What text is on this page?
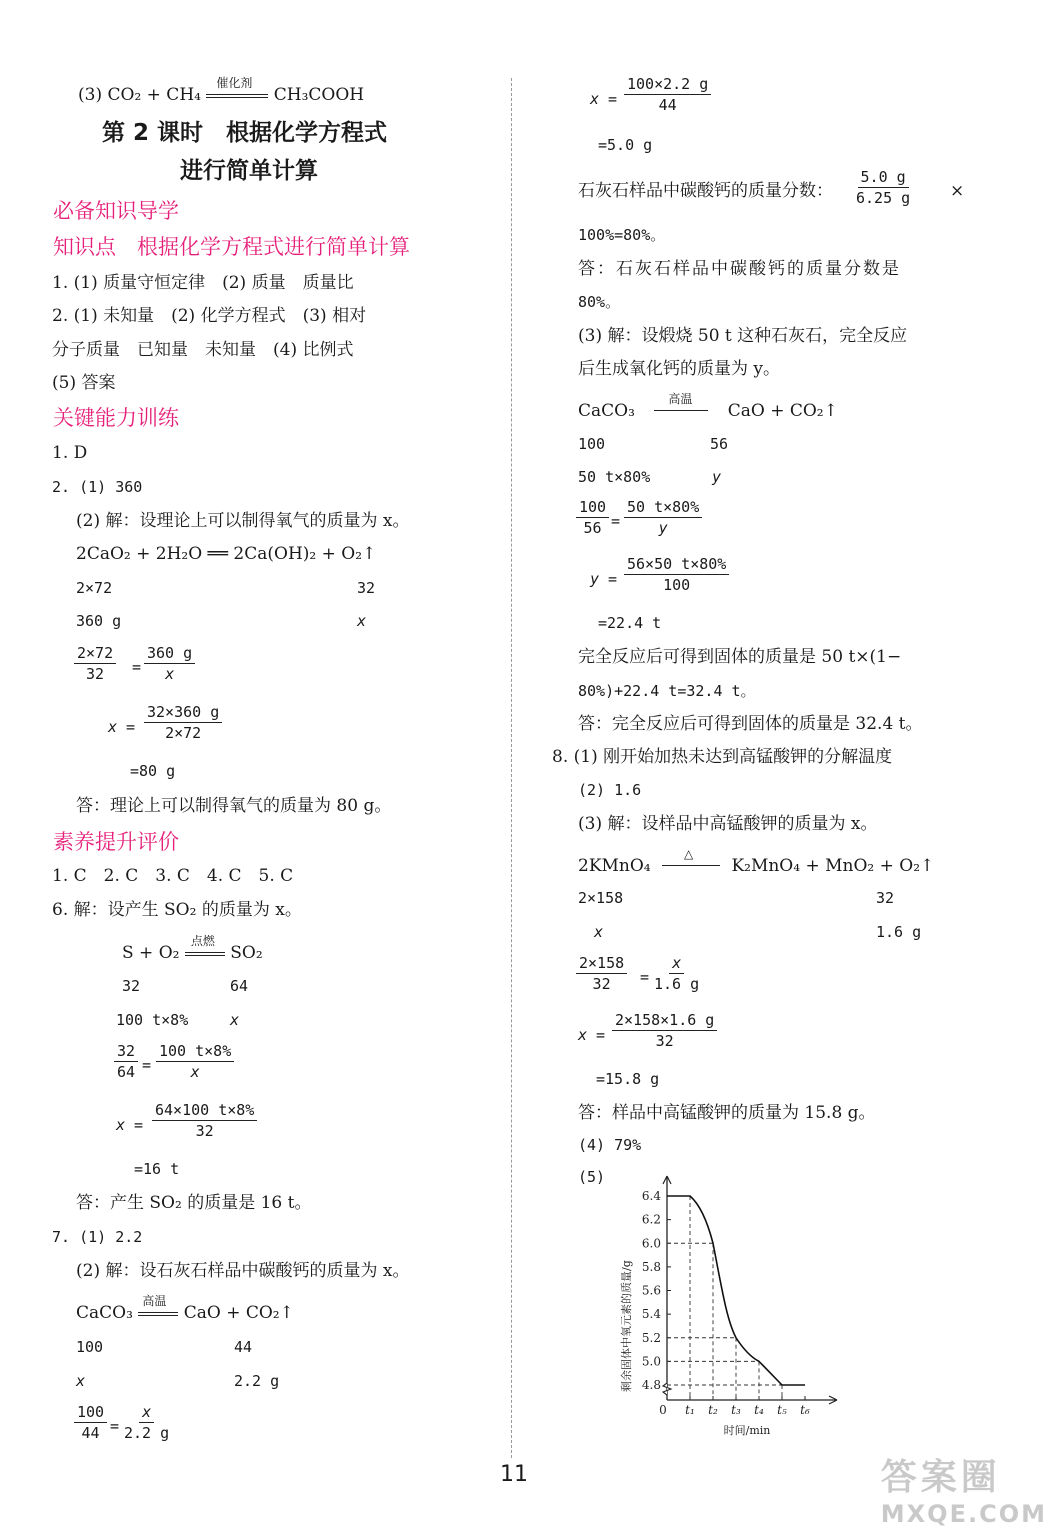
(3) CO₂ + CH₄
催化剂
CH₃COOH
第 2 课时　根据化学方程式
进行简单计算
必备知识导学
知识点　根据化学方程式进行简单计算
1. (1) 质量守恒定律　(2) 质量　质量比
2. (1) 未知量　(2) 化学方程式　(3) 相对
分子质量　已知量　未知量　(4) 比例式
(5) 答案
关键能力训练
1. D
2. (1) 360
(2) 解：设理论上可以制得氧气的质量为 x。
2CaO₂ + 2H₂O ══ 2Ca(OH)₂ + O₂↑
2×72	32
360 g	x
2×72
32 =
360 g
x
x =
32×360 g
2×72
=80 g
答：理论上可以制得氧气的质量为 80 g。
素养提升评价
1. C　2. C　3. C　4. C　5. C
6. 解：设产生 SO₂ 的质量为 x。
S + O₂
点燃
SO₂
32	64
100 t×8%	x
32
64 =
100 t×8%
x
x =
64×100 t×8%
32
=16 t
答：产生 SO₂ 的质量是 16 t。
7. (1) 2.2
(2) 解：设石灰石样品中碳酸钙的质量为 x。
CaCO₃
高温
CaO + CO₂↑
100	44
x	2.2 g
100
44 =
x
2.2 g
x =
100×2.2 g
44
=5.0 g
石灰石样品中碳酸钙的质量分数：
5.0 g
6.25 g ×
100%=80%。
答：石灰石样品中碳酸钙的质量分数是
80%。
(3) 解：设煅烧 50 t 这种石灰石，完全反应
后生成氧化钙的质量为 y。
CaCO₃
高温
CaO + CO₂↑
100	56
50 t×80%	y
100
56 =
50 t×80%
y
y =
56×50 t×80%
100
=22.4 t
完全反应后可得到固体的质量是 50 t×(1−
80%)+22.4 t=32.4 t。
答：完全反应后可得到固体的质量是 32.4 t。
8. (1) 刚开始加热未达到高锰酸钾的分解温度
(2) 1.6
(3) 解：设样品中高锰酸钾的质量为 x。
2KMnO₄
△
K₂MnO₄ + MnO₂ + O₂↑
2×158	32
x	1.6 g
2×158
32 =
x
1.6 g
x =
2×158×1.6 g
32
=15.8 g
答：样品中高锰酸钾的质量为 15.8 g。
(4) 79%
(5)
6.4
6.2
6.0
5.8
5.6
5.4
5.2
5.0
4.8
0 t₁ t₂ t₃ t₄ t₅ t₆
剩余固体中氧元素的质量/g
时间/min
11	答案圈
MXQE.COM
